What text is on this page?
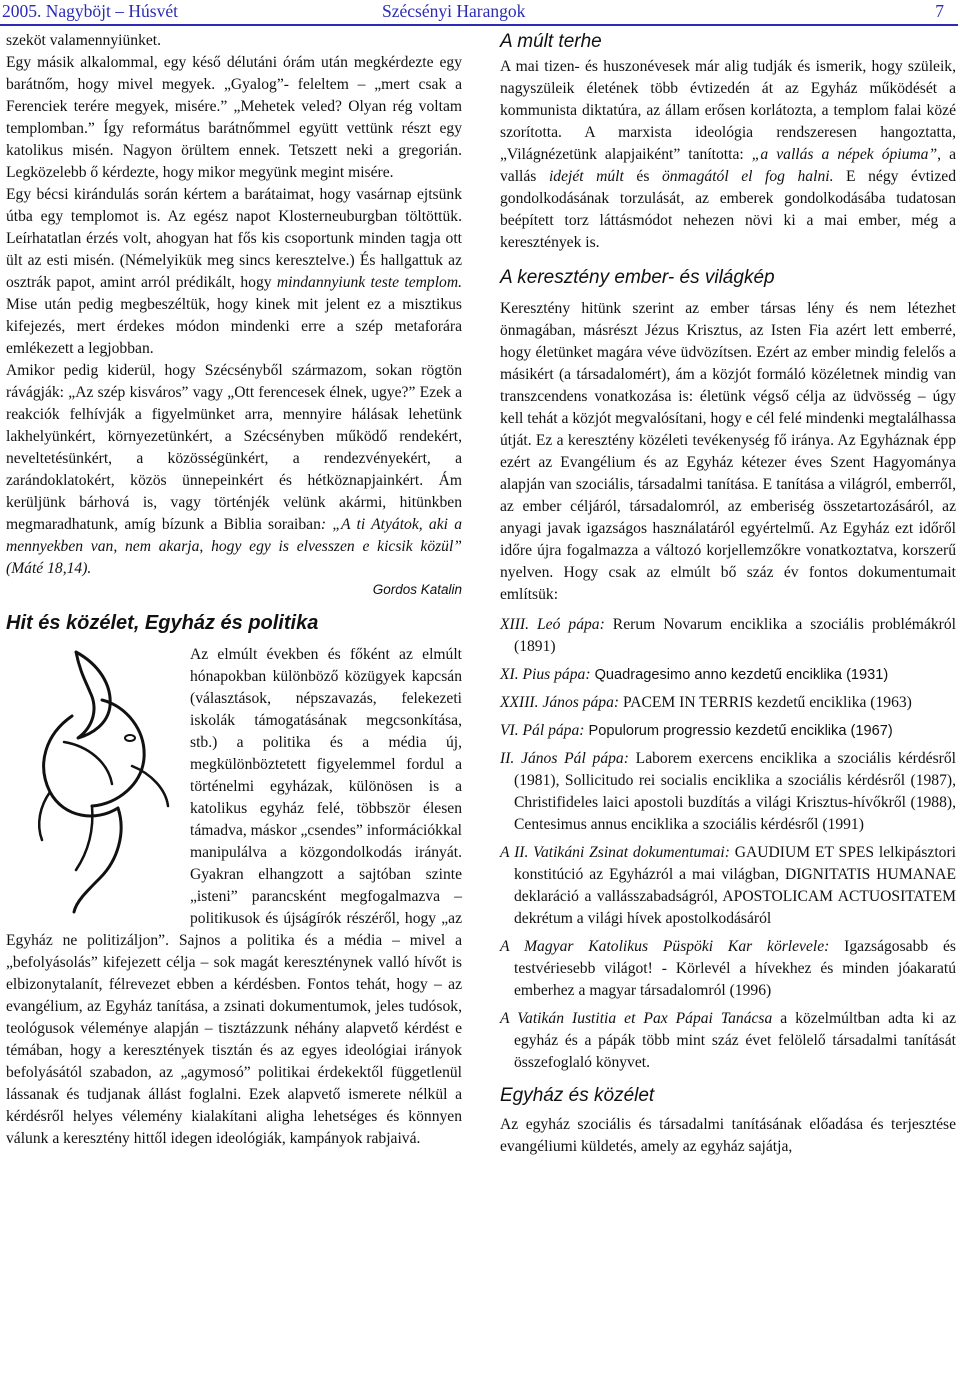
2005. Nagyböjt – Húsvét	Szécsényi Harangok	7

szeköt valamennyiünket.

Egy másik alkalommal, egy késő délutáni órám után megkérdezte egy barátnőm, hogy mivel megyek. „Gyalog”- feleltem – „mert csak a Ferenciek terére megyek, misére.” „Mehetek veled? Olyan rég voltam templomban.” Így református barátnőmmel együtt vettünk részt egy katolikus misén. Nagyon örültem ennek. Tetszett neki a gregorián. Legközelebb ő kérdezte, hogy mikor megyünk megint misére.

Egy bécsi kirándulás során kértem a barátaimat, hogy vasárnap ejtsünk útba egy templomot is. Az egész napot Klosterneuburgban töltöttük. Leírhatatlan érzés volt, ahogyan hat fős kis csoportunk minden tagja ott ült az esti misén. (Némelyikük meg sincs keresztelve.) És hallgattuk az osztrák papot, amint arról prédikált, hogy mindannyiunk teste templom. Mise után pedig megbeszéltük, hogy kinek mit jelent ez a misztikus kifejezés, mert érdekes módon mindenki erre a szép metaforára emlékezett a legjobban.

Amikor pedig kiderül, hogy Szécsényből származom, sokan rögtön rávágják: „Az szép kisváros” vagy „Ott ferencesek élnek, ugye?” Ezek a reakciók felhívják a figyelmünket arra, mennyire hálásak lehetünk lakhelyünkért, környezetünkért, a Szécsényben működő rendekért, neveltetésünkért, a közösségünkért, a rendezvényekért, a zarándoklatokért, közös ünnepeinkért és hétköznapjainkért. Ám kerüljünk bárhová is, vagy történjék velünk akármi, hitünkben megmaradhatunk, amíg bízunk a Biblia soraiban: „A ti Atyátok, aki a mennyekben van, nem akarja, hogy egy is elvesszen e kicsik közül” (Máté 18,14).

Gordos Katalin
Hit és közélet, Egyház és politika

Az elmúlt években és főként az elmúlt hónapokban különböző közügyek kapcsán (választások, népszavazás, felekezeti iskolák támogatásának megcsonkítása, stb.) a politika és a média új, megkülönböztetett figyelemmel fordul a történelmi egyházak, különösen is a katolikus egyház felé, többször élesen támadva, máskor „csendes” információkkal manipulálva a közgondolkodás irányát. Gyakran elhangzott a sajtóban szinte „isteni” parancsként megfogalmazva –politikusok és újságírók részéről, hogy „az Egyház ne politizáljon”. Sajnos a politika és a média – mivel a „befolyásolás” kifejezett célja – sok magát kereszténynek valló hívőt is elbizonytalanít, félrevezet ebben a kérdésben. Fontos tehát, hogy – az evangélium, az Egyház tanítása, a zsinati dokumentumok, jeles tudósok, teológusok véleménye alapján – tisztázzunk néhány alapvető kérdést e témában, hogy a keresztények tisztán és az egyes ideológiai irányok befolyásától szabadon, az „agymosó” politikai érdekektől függetlenül lássanak és tudjanak állást foglalni. Ezek alapvető ismerete nélkül a kérdésről helyes vélemény kialakítani aligha lehetséges és könnyen válunk a keresztény hittől idegen ideológiák, kampányok rabjaivá.

A múlt terhe

A mai tizen- és huszonévesek már alig tudják és ismerik, hogy szüleik, nagyszüleik életének több évtizedén át az Egyház működését a kommunista diktatúra, az állam erősen korlátozta, a templom falai közé szorította. A marxista ideológia rendszeresen hangoztatta, „Világnézetünk alapjaiként” tanította: „a vallás a népek ópiuma”, a vallás idejét múlt és önmagától el fog halni. E négy évtized gondolkodásának torzulását, az emberek gondolkodásába tudatosan beépített torz láttásmódot nehezen növi ki a mai ember, még a keresztények is.

A keresztény ember- és világkép

Keresztény hitünk szerint az ember társas lény és nem létezhet önmagában, másrészt Jézus Krisztus, az Isten Fia azért lett emberré, hogy életünket magára véve üdvözítsen. Ezért az ember mindig felelős a másikért (a társadalomért), ám a közjót formáló közéletnek mindig van transzcendens vonatkozása is: életünk végső célja az üdvösség – úgy kell tehát a közjót megvalósítani, hogy e cél felé mindenki megtalálhassa útját. Ez a keresztény közéleti tevékenység fő iránya. Az Egyháznak épp ezért az Evangélium és az Egyház kétezer éves Szent Hagyománya alapján van szociális, társadalmi tanítása. E tanítása a világról, emberről, az ember céljáról, társadalomról, az emberiség összetartozásáról, az anyagi javak igazságos használatáról egyértelmű. Az Egyház ezt időről időre újra fogalmazza a változó korjellemzőkre vonatkoztatva, korszerű nyelven. Hogy csak az elmúlt bő száz év fontos dokumentumait említsük:

XIII. Leó pápa: Rerum Novarum enciklika a szociális problémákról (1891)
XI. Pius pápa: Quadragesimo anno kezdetű enciklika (1931)
XXIII. János pápa: PACEM IN TERRIS kezdetű enciklika (1963)
VI. Pál pápa: Populorum progressio kezdetű enciklika (1967)
II. János Pál pápa: Laborem exercens enciklika a szociális kérdésről (1981), Sollicitudo rei socialis enciklika a szociális kérdésről (1987), Christifideles laici apostoli buzdítás a világi Krisztus-hívőkről (1988), Centesimus annus enciklika a szociális kérdésről (1991)
A II. Vatikáni Zsinat dokumentumai: GAUDIUM ET SPES lelkipásztori konstitúció az Egyházról a mai világban, DIGNITATIS HUMANAE deklaráció a vallásszabadságról, APOSTOLICAM ACTUOSITATEM dekrétum a világi hívek apostolkodásáról
A Magyar Katolikus Püspöki Kar körlevele: Igazságosabb és testvériesebb világot! - Körlevél a hívekhez és minden jóakaratú emberhez a magyar társadalomról (1996)
A Vatikán Iustitia et Pax Pápai Tanácsa a közelmúltban adta ki az egyház és a pápák több mint száz évet felölelő társadalmi tanítását összefoglaló könyvet.
Egyház és közélet

Az egyház szociális és társadalmi tanításának előadása és terjesztése evangéliumi küldetés, amely az egyház sajátja,
